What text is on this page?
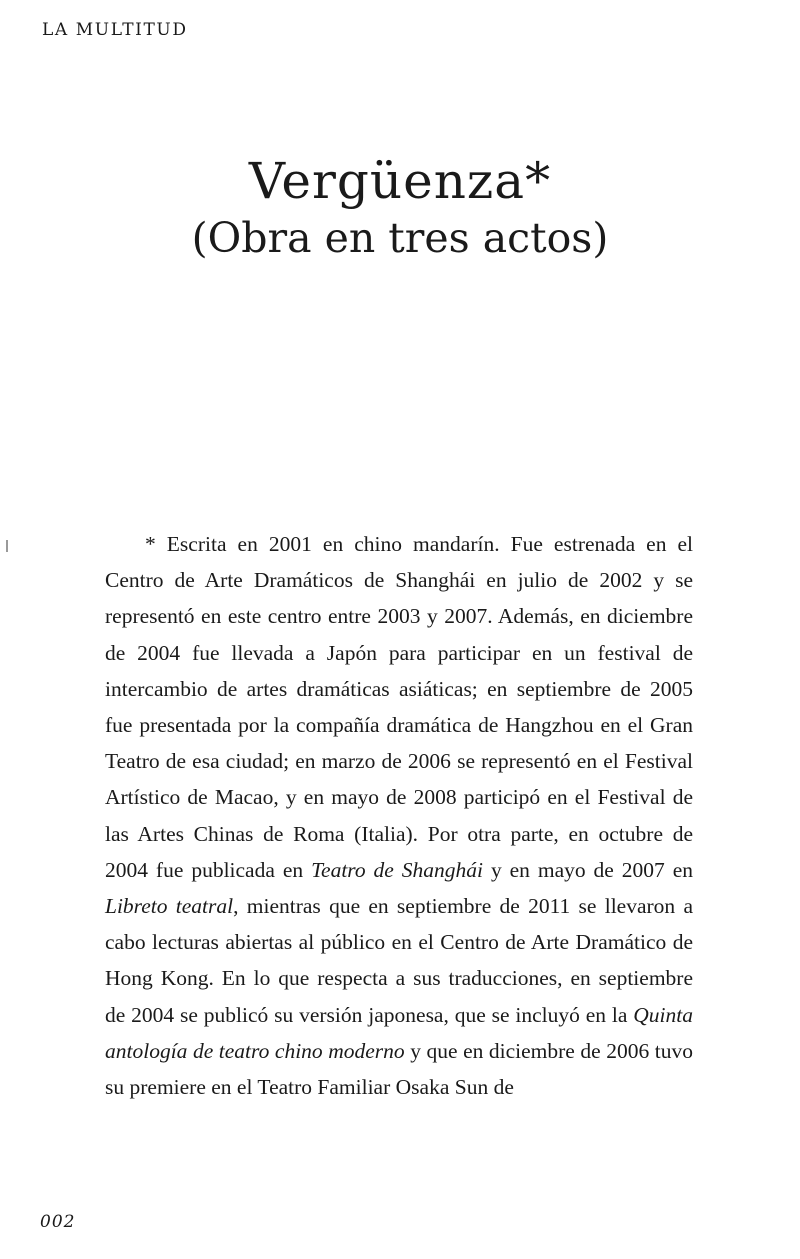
LA MULTITUD
Vergüenza*
(Obra en tres actos)

* Escrita en 2001 en chino mandarín. Fue estrenada en el Centro de Arte Dramáticos de Shanghái en julio de 2002 y se representó en este centro entre 2003 y 2007. Además, en diciembre de 2004 fue llevada a Japón para participar en un festival de intercambio de artes dramáticas asiáticas; en septiembre de 2005 fue presentada por la compañía dramática de Hangzhou en el Gran Teatro de esa ciudad; en marzo de 2006 se representó en el Festival Artístico de Macao, y en mayo de 2008 participó en el Festival de las Artes Chinas de Roma (Italia). Por otra parte, en octubre de 2004 fue publicada en Teatro de Shanghái y en mayo de 2007 en Libreto teatral, mientras que en septiembre de 2011 se llevaron a cabo lecturas abiertas al público en el Centro de Arte Dramático de Hong Kong. En lo que respecta a sus traducciones, en septiembre de 2004 se publicó su versión japonesa, que se incluyó en la Quinta antología de teatro chino moderno y que en diciembre de 2006 tuvo su premiere en el Teatro Familiar Osaka Sun de

002
